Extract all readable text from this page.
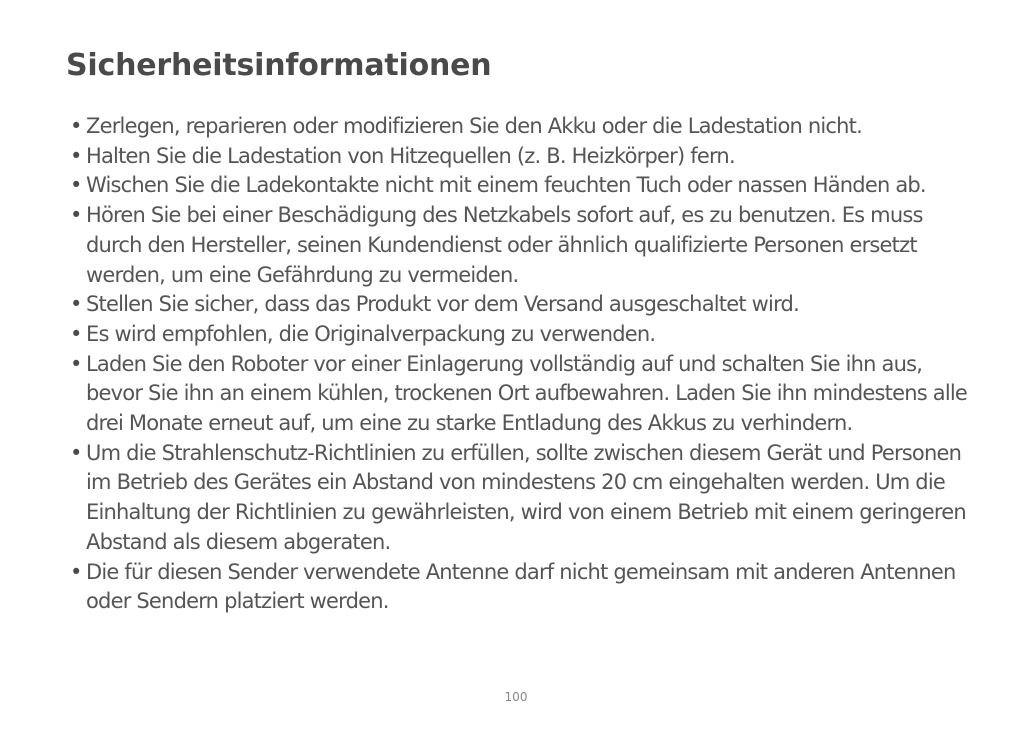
Sicherheitsinformationen
• Zerlegen, reparieren oder modifizieren Sie den Akku oder die Ladestation nicht.
• Halten Sie die Ladestation von Hitzequellen (z. B. Heizkörper) fern.
• Wischen Sie die Ladekontakte nicht mit einem feuchten Tuch oder nassen Händen ab.
• Hören Sie bei einer Beschädigung des Netzkabels sofort auf, es zu benutzen. Es muss durch den Hersteller, seinen Kundendienst oder ähnlich qualifizierte Personen ersetzt werden, um eine Gefährdung zu vermeiden.
• Stellen Sie sicher, dass das Produkt vor dem Versand ausgeschaltet wird.
• Es wird empfohlen, die Originalverpackung zu verwenden.
• Laden Sie den Roboter vor einer Einlagerung vollständig auf und schalten Sie ihn aus, bevor Sie ihn an einem kühlen, trockenen Ort aufbewahren. Laden Sie ihn mindestens alle drei Monate erneut auf, um eine zu starke Entladung des Akkus zu verhindern.
• Um die Strahlenschutz-Richtlinien zu erfüllen, sollte zwischen diesem Gerät und Personen im Betrieb des Gerätes ein Abstand von mindestens 20 cm eingehalten werden. Um die Einhaltung der Richtlinien zu gewährleisten, wird von einem Betrieb mit einem geringeren Abstand als diesem abgeraten.
• Die für diesen Sender verwendete Antenne darf nicht gemeinsam mit anderen Antennen oder Sendern platziert werden.
100
